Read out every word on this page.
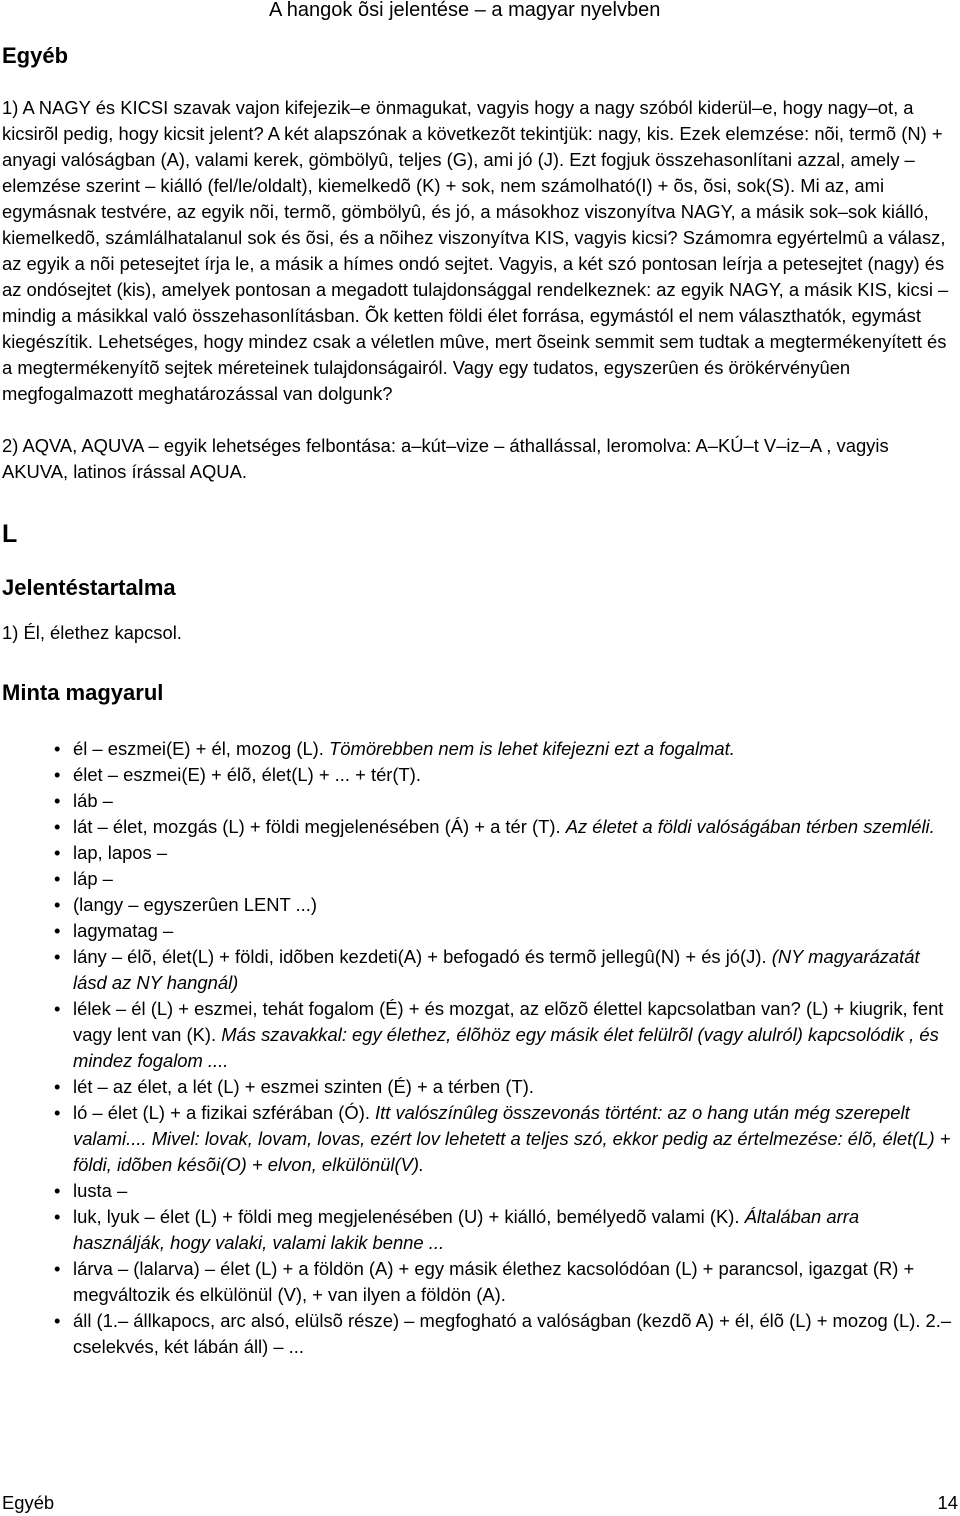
A hangok õsi jelentése – a magyar nyelvben
Egyéb

1) A NAGY és KICSI szavak vajon kifejezik–e önmagukat, vagyis hogy a nagy szóból kiderül–e, hogy nagy–ot, a kicsirõl pedig, hogy kicsit jelent? A két alapszónak a következõt tekintjük: nagy, kis. Ezek elemzése: nõi, termõ (N) + anyagi valóságban (A), valami kerek, gömbölyû, teljes (G), ami jó (J). Ezt fogjuk összehasonlítani azzal, amely – elemzése szerint – kiálló (fel/le/oldalt), kiemelkedõ (K) + sok, nem számolható(I) + õs, õsi, sok(S). Mi az, ami egymásnak testvére, az egyik nõi, termõ, gömbölyû, és jó, a másokhoz viszonyítva NAGY, a másik sok–sok kiálló, kiemelkedõ, számlálhatalanul sok és õsi, és a nõihez viszonyítva KIS, vagyis kicsi? Számomra egyértelmû a válasz, az egyik a nõi petesejtet írja le, a másik a hímes ondó sejtet. Vagyis, a két szó pontosan leírja a petesejtet (nagy) és az ondósejtet (kis), amelyek pontosan a megadott tulajdonsággal rendelkeznek: az egyik NAGY, a másik KIS, kicsi – mindig a másikkal való összehasonlításban. Õk ketten földi élet forrása, egymástól el nem választhatók, egymást kiegészítik. Lehetséges, hogy mindez csak a véletlen mûve, mert õseink semmit sem tudtak a megtermékenyített és a megtermékenyítõ sejtek méreteinek tulajdonságairól. Vagy egy tudatos, egyszerûen és örökérvényûen megfogalmazott meghatározással van dolgunk?

2) AQVA, AQUVA – egyik lehetséges felbontása: a–kút–vize – áthallással, leromolva: A–KÚ–t V–iz–A , vagyis AKUVA, latinos írással AQUA.

L
Jelentéstartalma

1) Él, élethez kapcsol.

Minta magyarul
• él – eszmei(E) + él, mozog (L). Tömörebben nem is lehet kifejezni ezt a fogalmat.
• élet – eszmei(E) + élõ, élet(L) + ... + tér(T).
• láb –
• lát – élet, mozgás (L) + földi megjelenésében (Á) + a tér (T). Az életet a földi valóságában térben szemléli.
• lap, lapos –
• láp –
• (langy – egyszerûen LENT ...)
• lagymatag –
• lány – élõ, élet(L) + földi, idõben kezdeti(A) + befogadó és termõ jellegû(N) + és jó(J). (NY magyarázatát lásd az NY hangnál)
• lélek – él (L) + eszmei, tehát fogalom (É) + és mozgat, az elõzõ élettel kapcsolatban van? (L) + kiugrik, fent vagy lent van (K). Más szavakkal: egy élethez, élõhöz egy másik élet felülrõl (vagy alulról) kapcsolódik , és mindez fogalom ....
• lét – az élet, a lét (L) + eszmei szinten (É) + a térben (T).
• ló – élet (L) + a fizikai szférában (Ó). Itt valószínûleg összevonás történt: az o hang után még szerepelt valami.... Mivel: lovak, lovam, lovas, ezért lov lehetett a teljes szó, ekkor pedig az értelmezése: élõ, élet(L) + földi, idõben késõi(O) + elvon, elkülönül(V).
• lusta –
• luk, lyuk – élet (L) + földi meg megjelenésében (U) + kiálló, bemélyedõ valami (K). Általában arra használják, hogy valaki, valami lakik benne ...
• lárva – (lalarva) – élet (L) + a földön (A) + egy másik élethez kacsolódóan (L) + parancsol, igazgat (R) + megváltozik és elkülönül (V), + van ilyen a földön (A).
• áll (1.– állkapocs, arc alsó, elülsõ része) – megfogható a valóságban (kezdõ A) + él, élõ (L) + mozog (L). 2.– cselekvés, két lábán áll) – ...
Egyéb	14
